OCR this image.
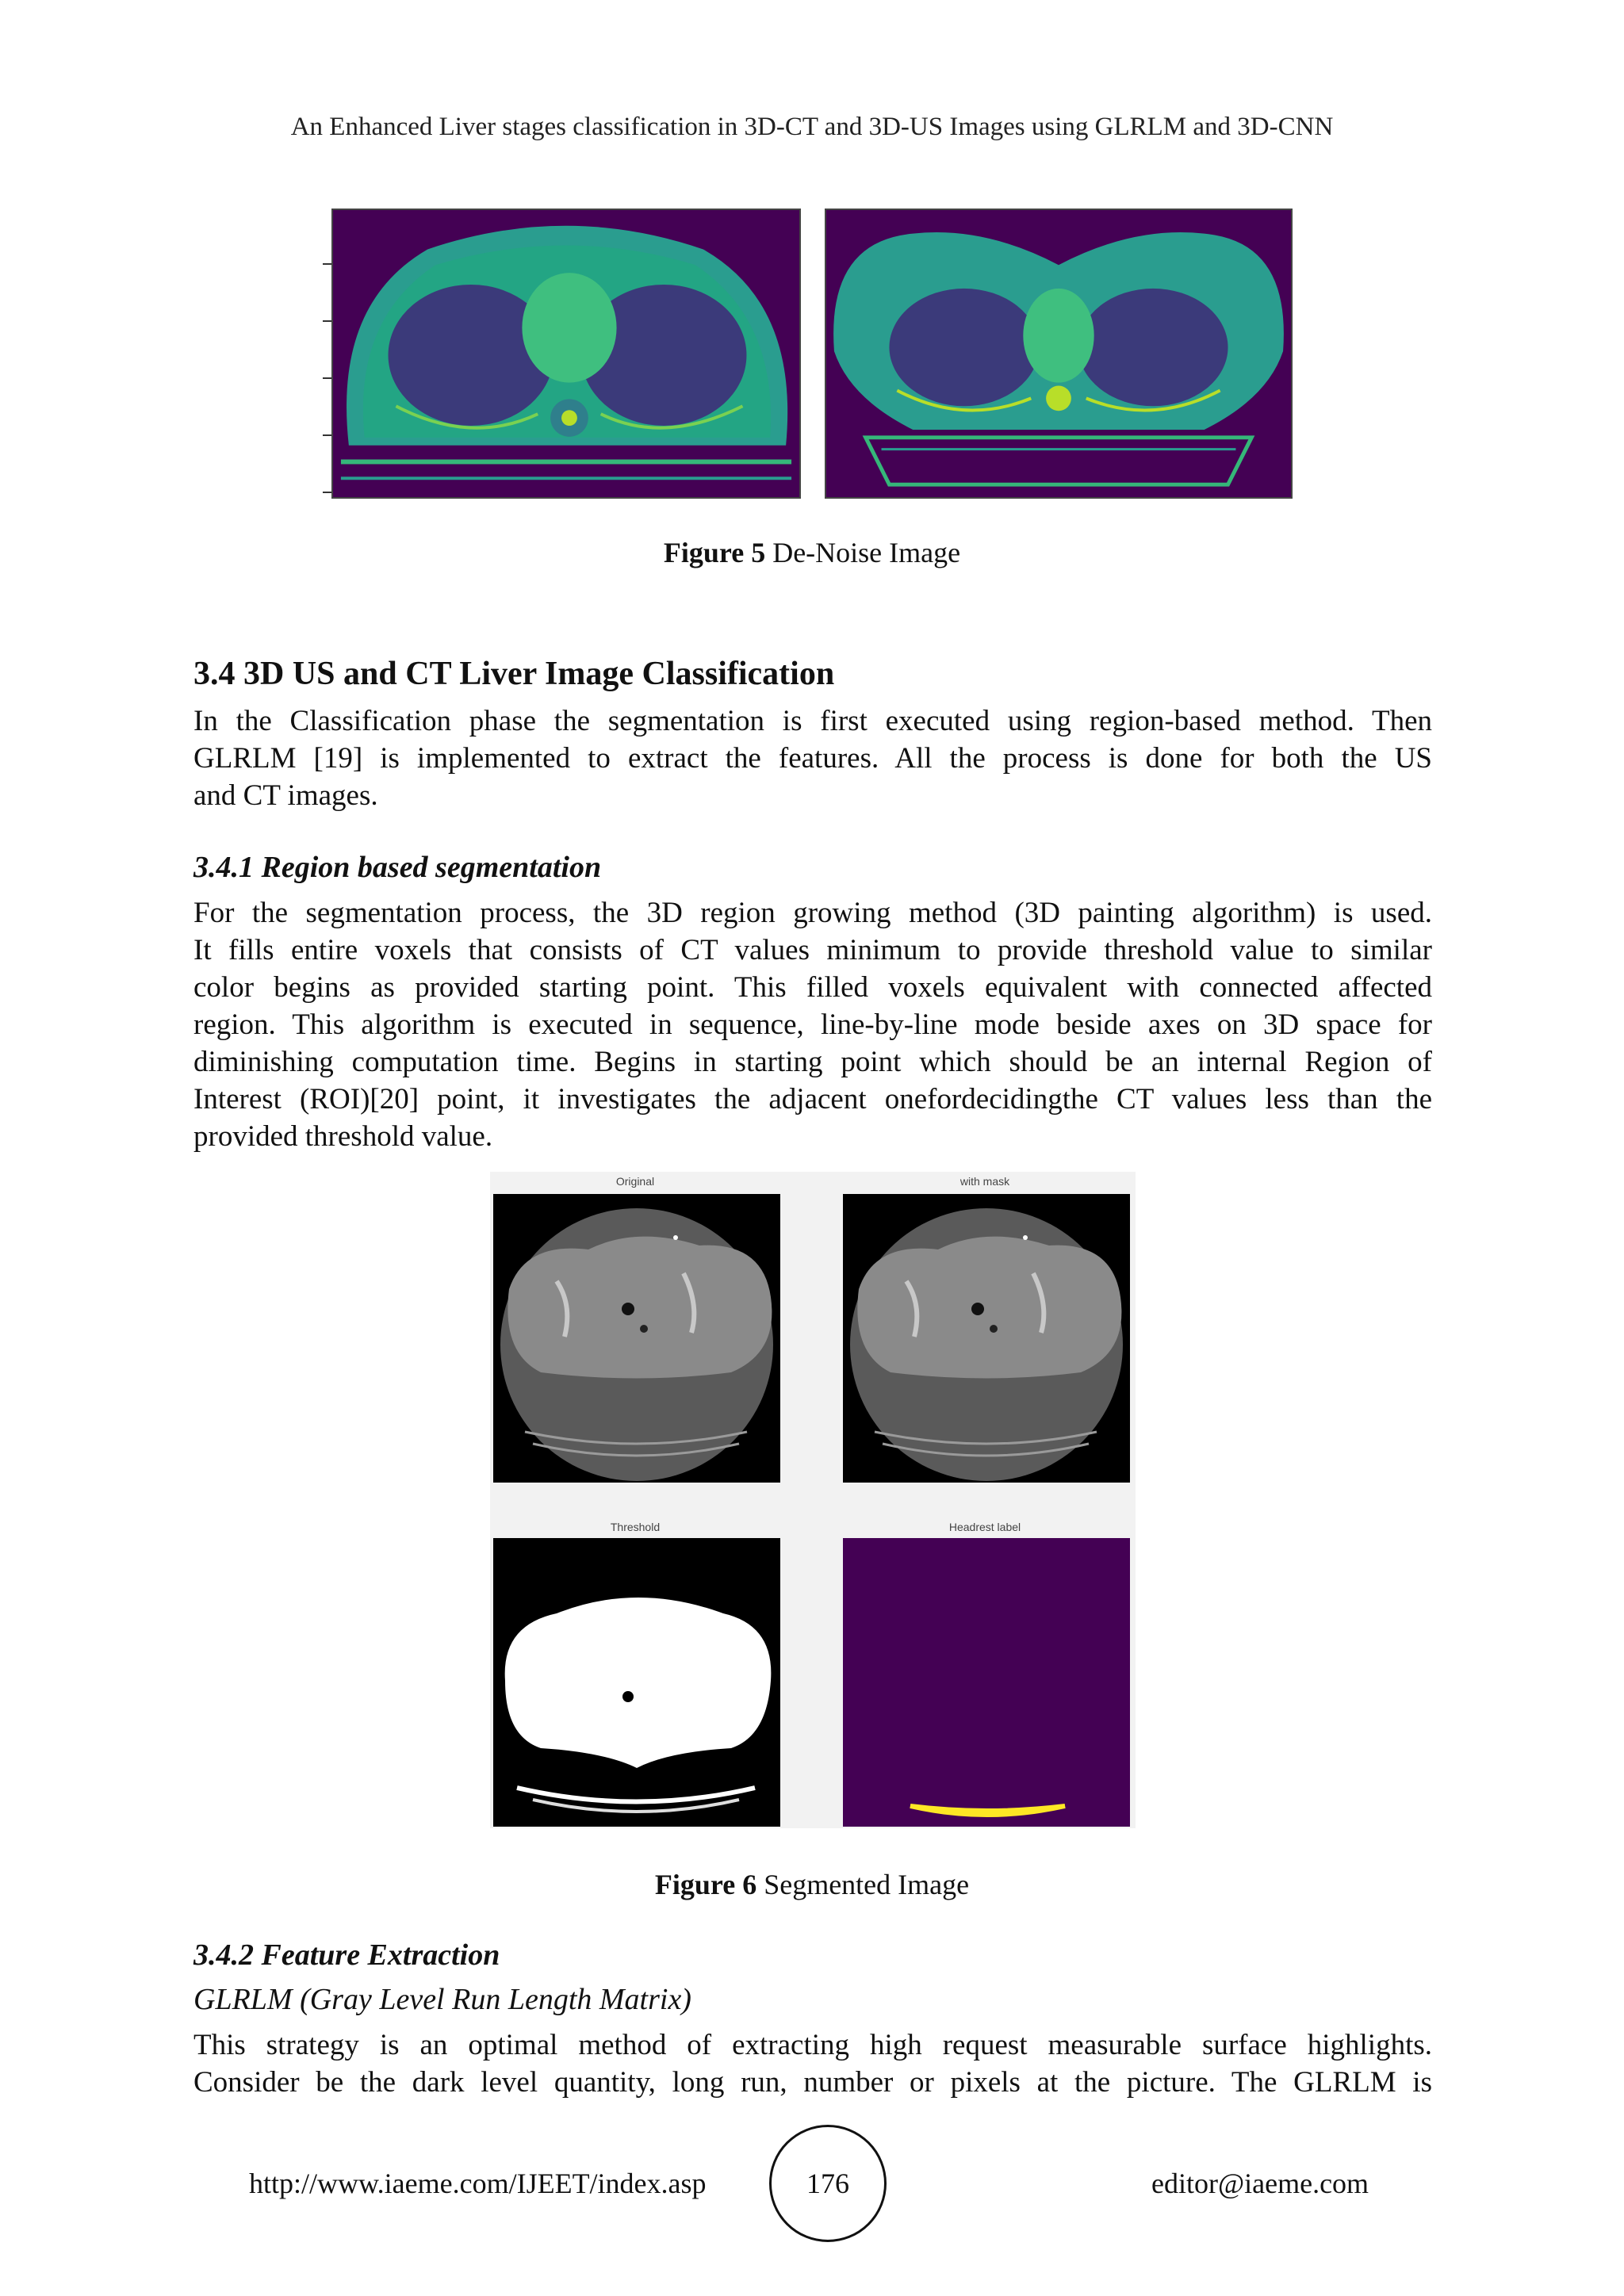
An Enhanced Liver stages classification in 3D-CT and 3D-US Images using GLRLM and 3D-CNN
Figure 5 De-Noise Image
3.4 3D US and CT Liver Image Classification
In the Classification phase the segmentation is first executed using region-based method. Then
GLRLM [19] is implemented to extract the features. All the process is done for both the US
and CT images.
3.4.1 Region based segmentation
For the segmentation process, the 3D region growing method (3D painting algorithm) is used.
It fills entire voxels that consists of CT values minimum to provide threshold value to similar
color begins as provided starting point. This filled voxels equivalent with connected affected
region. This algorithm is executed in sequence, line-by-line mode beside axes on 3D space for
diminishing computation time. Begins in starting point which should be an internal Region of
Interest (ROI)[20] point, it investigates the adjacent onefordecidingthe CT values less than the
provided threshold value.
Original	with mask
Threshold	Headrest label
Figure 6 Segmented Image
3.4.2 Feature Extraction
GLRLM (Gray Level Run Length Matrix)
This strategy is an optimal method of extracting high request measurable surface highlights.
Consider be the dark level quantity, long run, number or pixels at the picture. The GLRLM is
http://www.iaeme.com/IJEET/index.asp	176	editor@iaeme.com
